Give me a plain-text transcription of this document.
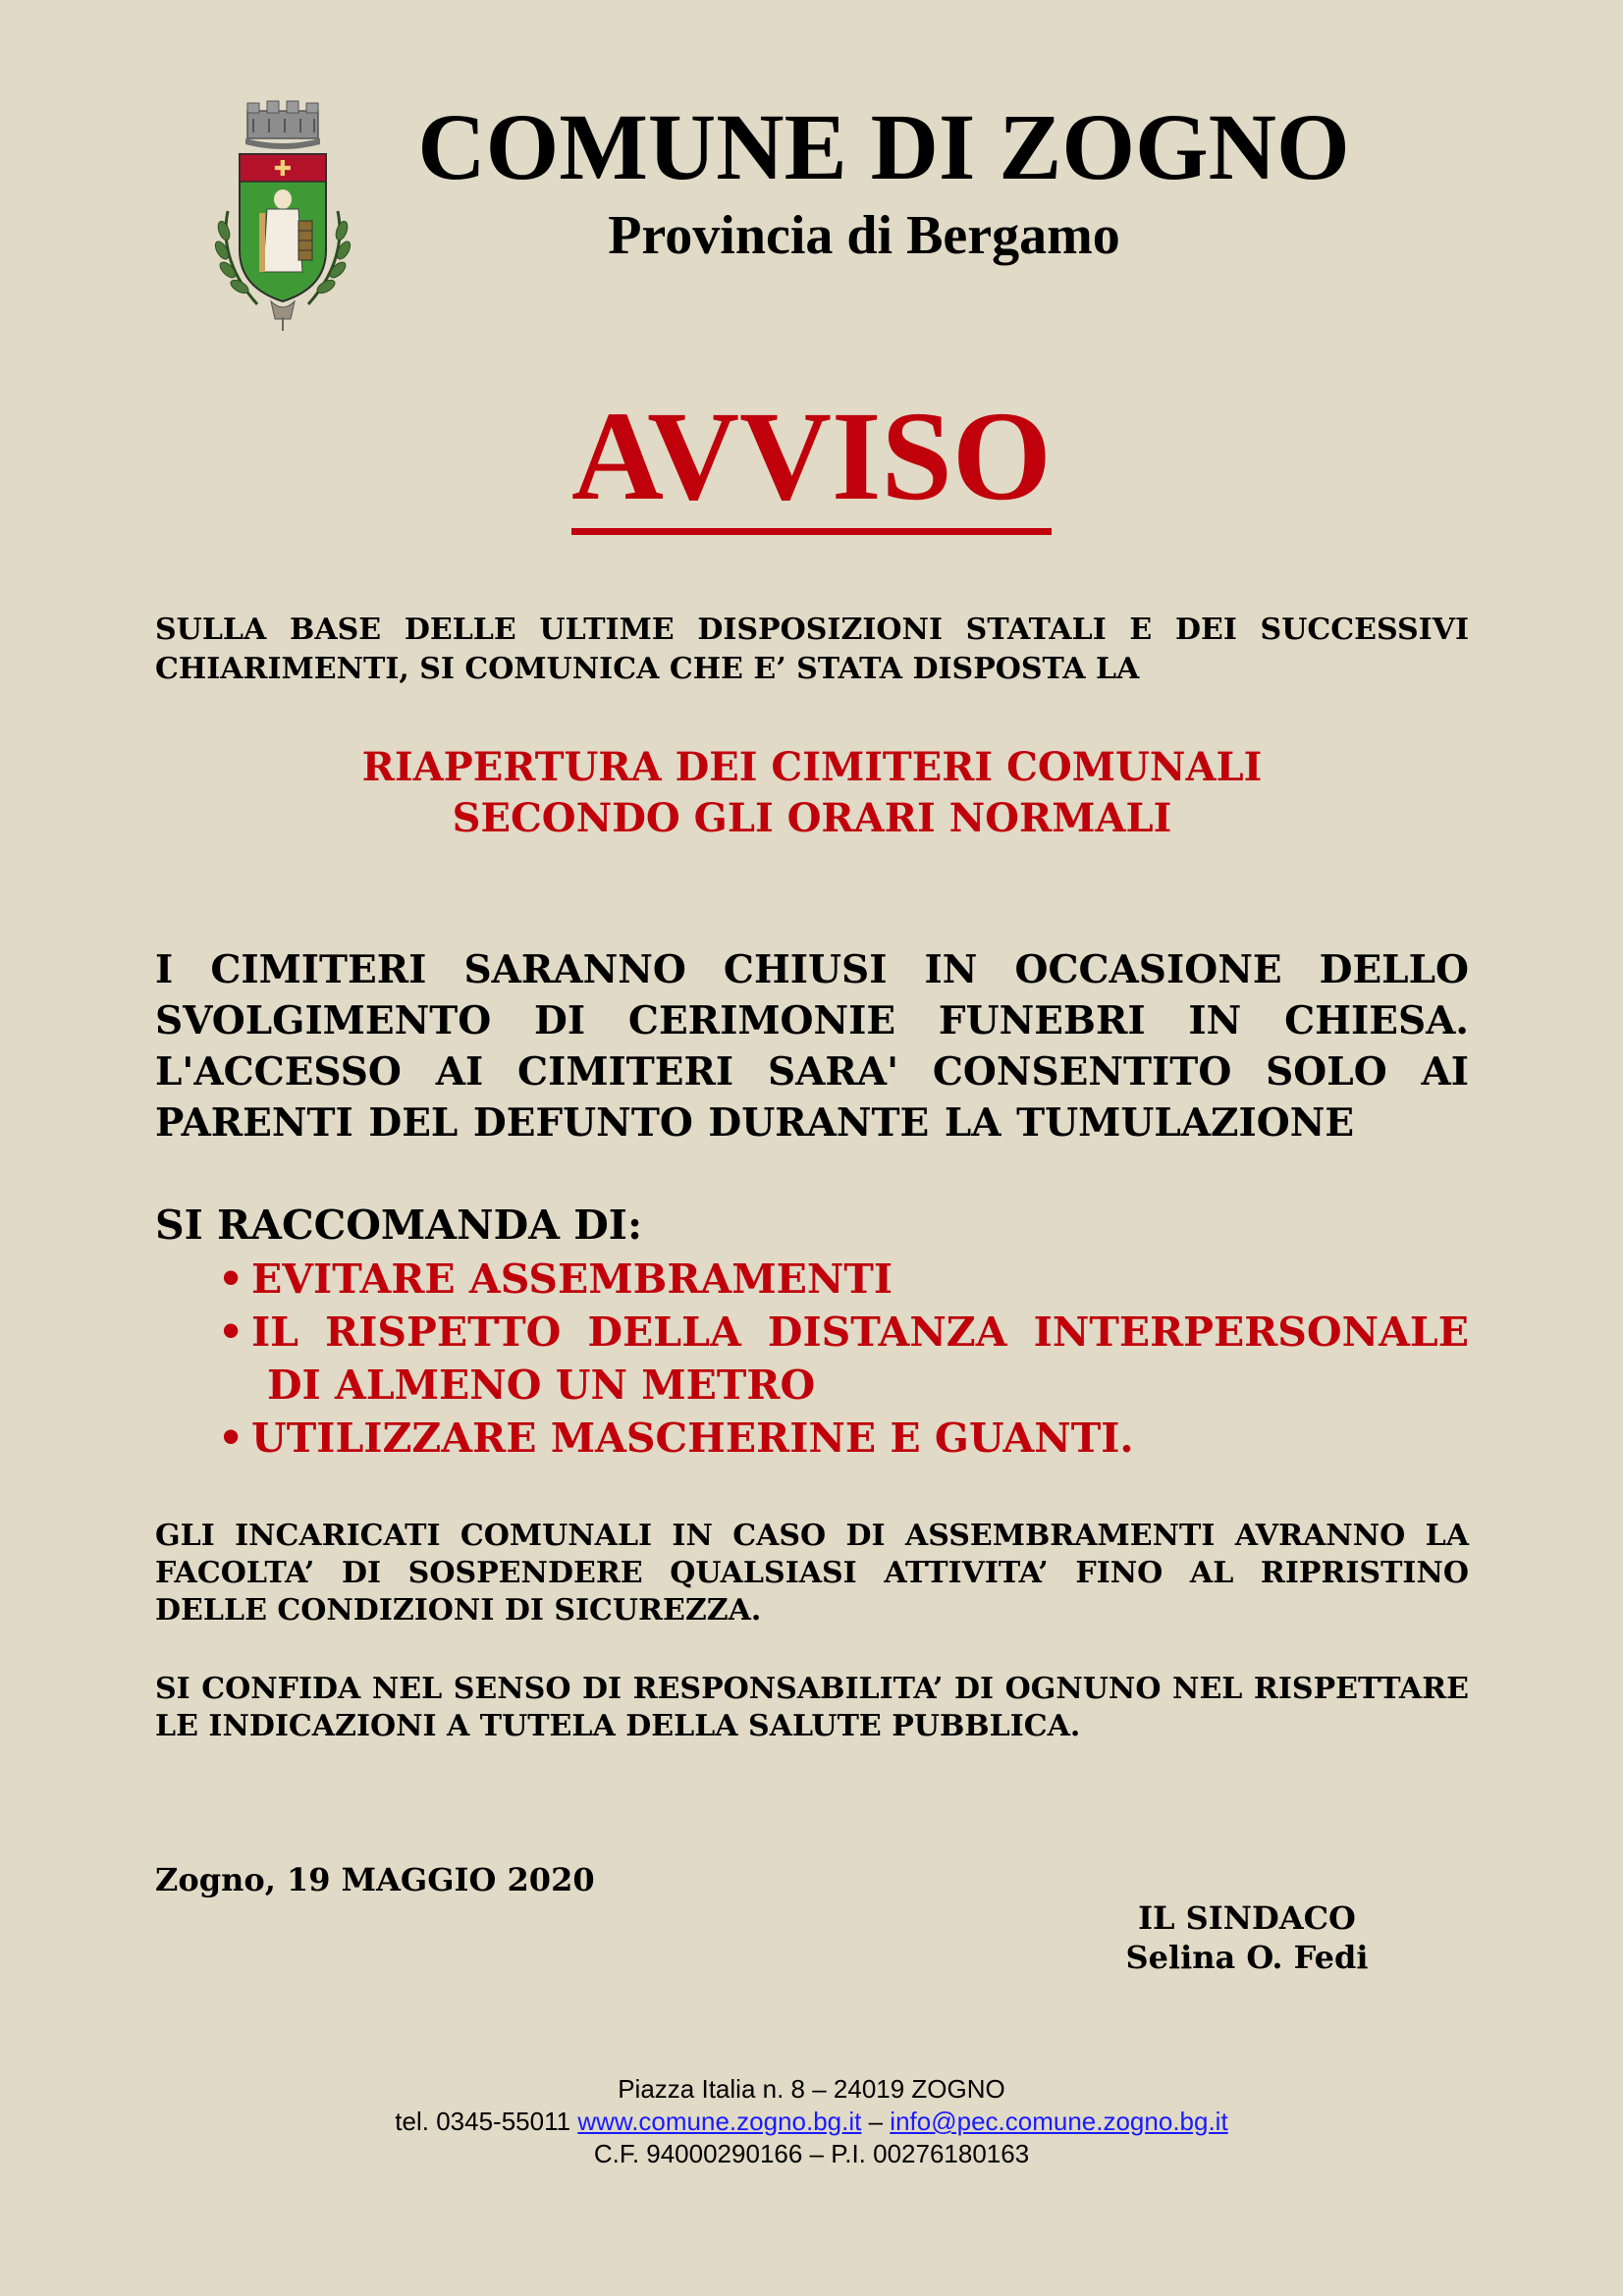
✚	COMUNE DI ZOGNO
Provincia di Bergamo
AVVISO

SULLA BASE DELLE ULTIME DISPOSIZIONI STATALI E DEI SUCCESSIVI CHIARIMENTI, SI COMUNICA CHE E’ STATA DISPOSTA LA

RIAPERTURA DEI CIMITERI COMUNALI
SECONDO GLI ORARI NORMALI

I CIMITERI SARANNO CHIUSI IN OCCASIONE DELLO SVOLGIMENTO DI CERIMONIE FUNEBRI IN CHIESA. L'ACCESSO AI CIMITERI SARA' CONSENTITO SOLO AI PARENTI DEL DEFUNTO DURANTE LA TUMULAZIONE

SI RACCOMANDA DI:

• EVITARE ASSEMBRAMENTI
• IL RISPETTO DELLA DISTANZA INTERPERSONALE
DI ALMENO UN METRO
• UTILIZZARE MASCHERINE E GUANTI.

GLI INCARICATI COMUNALI IN CASO DI ASSEMBRAMENTI AVRANNO LA FACOLTA’ DI SOSPENDERE QUALSIASI ATTIVITA’ FINO AL RIPRISTINO DELLE CONDIZIONI DI SICUREZZA.

SI CONFIDA NEL SENSO DI RESPONSABILITA’ DI OGNUNO NEL RISPETTARE LE INDICAZIONI A TUTELA DELLA SALUTE PUBBLICA.

Zogno, 19 MAGGIO 2020

IL SINDACO
Selina O. Fedi
Piazza Italia n. 8 – 24019 ZOGNO
tel. 0345-55011 www.comune.zogno.bg.it – info@pec.comune.zogno.bg.it
C.F. 94000290166 – P.I. 00276180163
